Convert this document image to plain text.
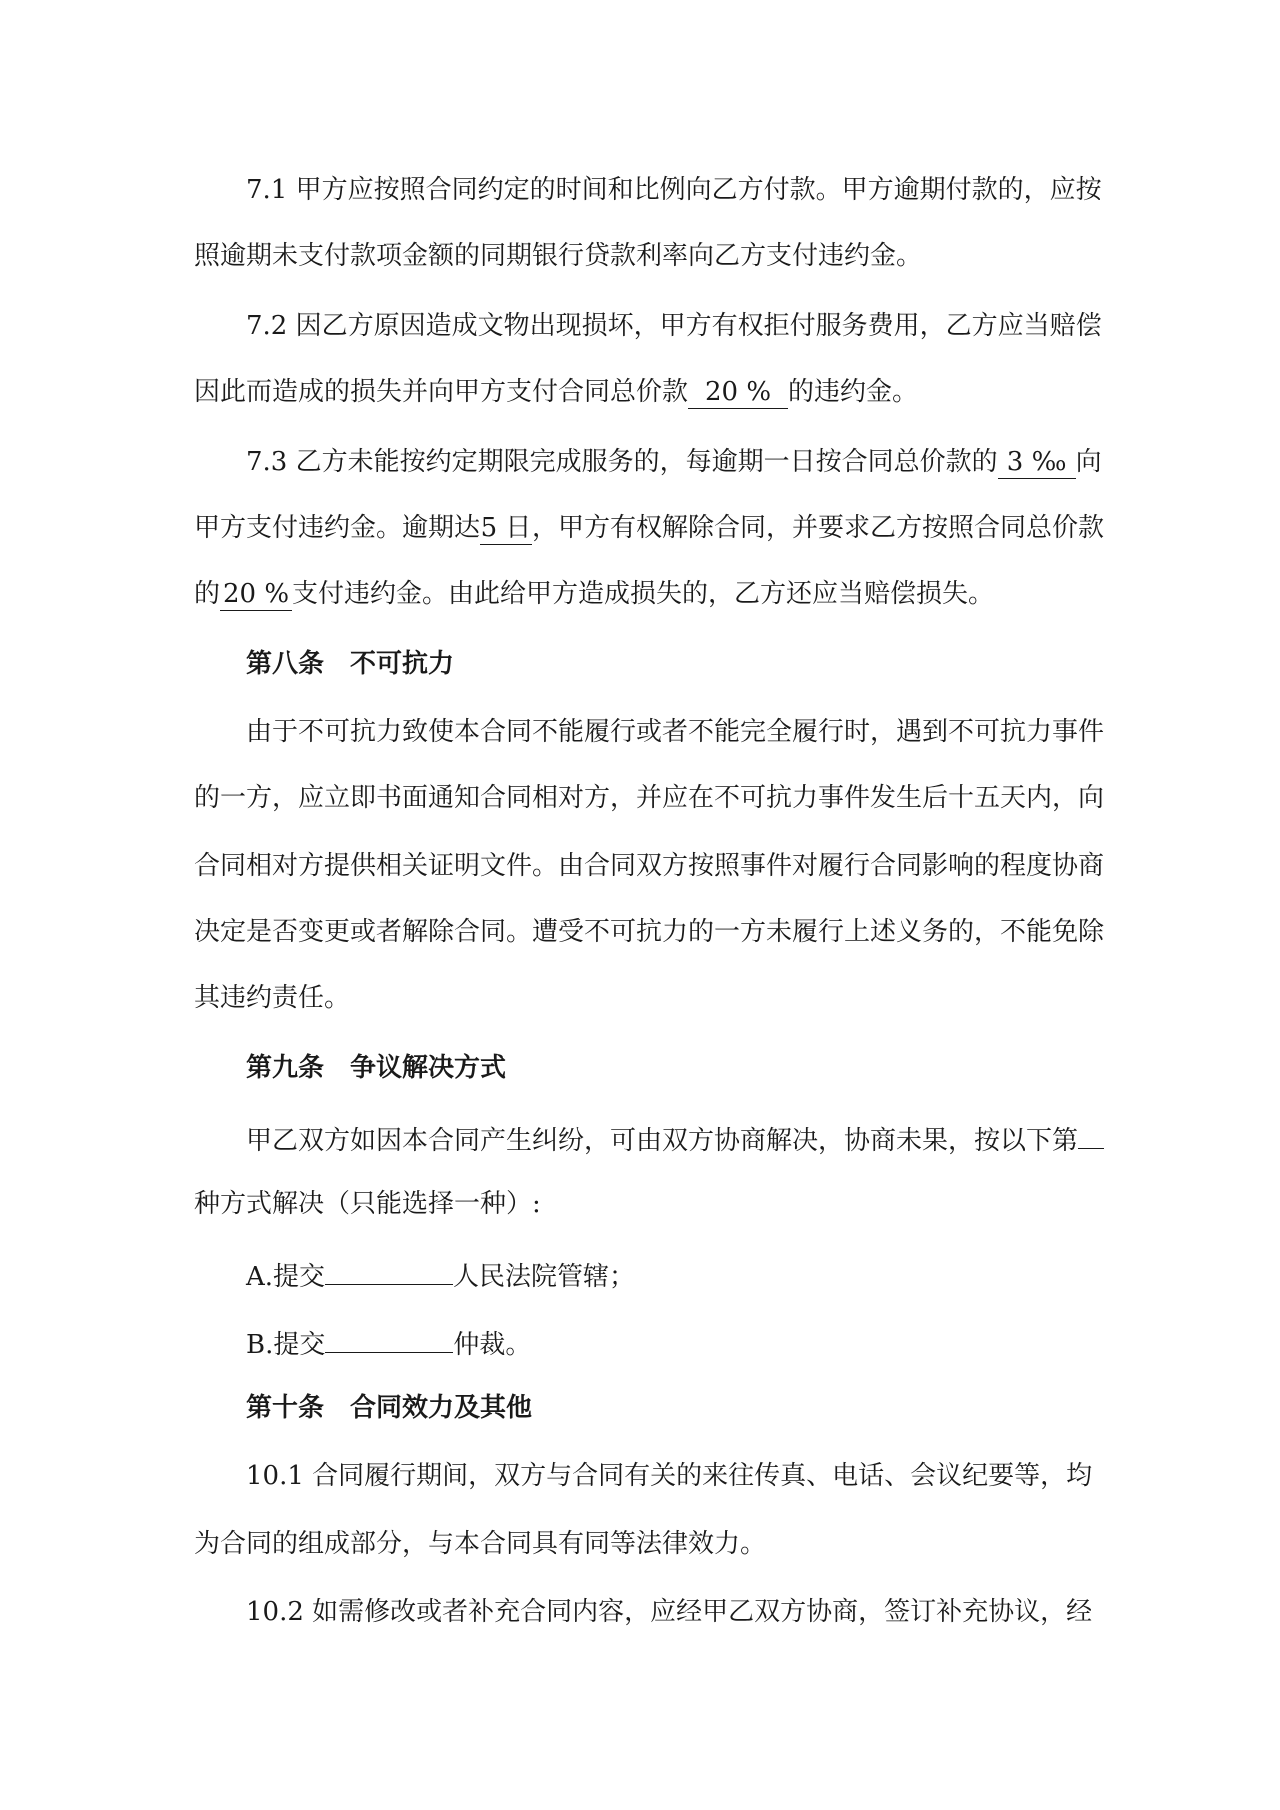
7.1 甲方应按照合同约定的时间和比例向乙方付款。甲方逾期付款的，应按
照逾期未支付款项金额的同期银行贷款利率向乙方支付违约金。
7.2 因乙方原因造成文物出现损坏，甲方有权拒付服务费用，乙方应当赔偿
因此而造成的损失并向甲方支付合同总价款 20 % 的违约金。
7.3 乙方未能按约定期限完成服务的，每逾期一日按合同总价款的 3 ‰ 向
甲方支付违约金。逾期达5 日，甲方有权解除合同，并要求乙方按照合同总价款
的 20 % 支付违约金。由此给甲方造成损失的，乙方还应当赔偿损失。
第八条　不可抗力
由于不可抗力致使本合同不能履行或者不能完全履行时，遇到不可抗力事件
的一方，应立即书面通知合同相对方，并应在不可抗力事件发生后十五天内，向
合同相对方提供相关证明文件。由合同双方按照事件对履行合同影响的程度协商
决定是否变更或者解除合同。遭受不可抗力的一方未履行上述义务的，不能免除
其违约责任。
第九条　争议解决方式
甲乙双方如因本合同产生纠纷，可由双方协商解决，协商未果，按以下第
种方式解决（只能选择一种）:
A.提交	人民法院管辖；
B.提交	仲裁。
第十条　合同效力及其他
10.1 合同履行期间，双方与合同有关的来往传真、电话、会议纪要等，均
为合同的组成部分，与本合同具有同等法律效力。
10.2 如需修改或者补充合同内容，应经甲乙双方协商，签订补充协议，经
